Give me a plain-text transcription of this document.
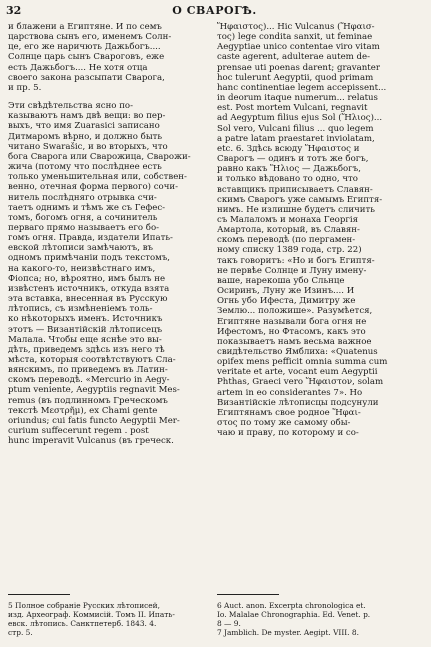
32	О СВАРОГѢ.
и блажени а Египтяне. И по семъ
царствова сынъ его, именемъ Солн-
це, его же наричють Дажьбогъ....
Солнце царь сынъ Свароговъ, еже
есть Дажьбогъ.... Не хотя отца
своего закона разсыпати Сварога,
и пр. 5.
Эти свѣдѣтельства ясно по-
казываютъ намъ двѣ вещи: во пер-
выхъ, что имя Zuarasici записано
Дитмаромъ вѣрно, и должно быть
читано Swarašic, и во вторыхъ, что
бога Сварога или Сварожица, Сварожи-
жича (потому что послѣднее есть
только уменьшительная или, собствен-
венно, отечная форма первого) сочи-
нитель послѣдняго отрывка счи-
таетъ однимъ и тѣмъ же съ Гефес-
томъ, богомъ огня, а сочинитель
перваго прямо называетъ его бо-
гомъ огня. Правда, издатели Ипать-
евской лѣтописи замѣчаютъ, въ
одномъ примѣчаніи подъ текстомъ,
на какого-то, неизвѣстнаго имъ,
Фіопса; но, вѣроятно, имъ былъ не
извѣстенъ источникъ, откуда взята
эта вставка, внесенная въ Русскую
лѣтопись, съ измѣненіемъ толь-
ко нѣкоторыхъ именъ. Источникъ
этотъ — Византійскій лѣтописецъ
Малала. Чтобы еще яснѣе это вы-
дѣть, приведемъ здѣсь изъ него тѣ
мѣста, которыя соотвѣтствуютъ Сла-
вянскимъ, по приведемъ въ Латин-
скомъ переводѣ. «Mercurio in Aegy-
ptum veniente, Aegyptiis regnavit Mes-
remus (въ подлинномъ Греческомъ
текстѣ Μεστρῆμ), ex Chami gente
oriundus; cui fatis functo Aegyptii Mer-
curium suffecerunt regem . post
hunc imperavit Vulcanus (въ греческ.
Ἥφαιστος)... Hic Vulcanus (Ἥφαισ-
τος) lege condita sanxit, ut feminae
Aegyptiae unico contentae viro vitam
caste agerent, adulterae autem de-
prensae uti poenas darent; gravanter
hoc tulerunt Aegyptii, quod primam
hanc continentiae legem accepissent...
in deorum itaque numerum... relatus
est. Post mortem Vulcani, regnavit
ad Aegyptum filius ejus Sol (Ἥλιος)...
Sol vero, Vulcani filius ... quo legem
a patre latam praestaret inviolatam,
etc. 6. Здѣсь всюду Ἥφαιστος и
Сварогъ — одинъ и тотъ же богъ,
равно какъ Ἥλιος — Дажьбогъ,
и только вѣдовано то одно, что
вставщикъ приписываетъ Славян-
скимъ Сварогъ уже самымъ Египтя-
нимъ. Не излишне будетъ сличить
съ Малаломъ и монаха Георгія
Амартола, который, въ Славян-
скомъ переводѣ (по пергамен-
ному списку 1389 года, стр. 22)
такъ говоритъ: «Но и богъ Египтя-
не первѣе Солнце и Луну имену-
ваше, нарекоша убо Сльнце
Осиринъ, Луну же Изинъ.... И
Огнь убо Ифеста, Димитру же
Землю... положише». Разумѣется,
Египтяне называли бога огня не
Ифестомъ, но Фтасомъ, какъ это
показываетъ намъ весьма важное
свидѣтельство Ямблиха: «Quatenus
opifex mens pefficit omnia summa cum
veritate et arte, vocant eum Aegyptii
Phthas, Graeci vero Ἥφαιστον, solam
artem in eo considerantes 7». Но
Византійскіе лѣтописцы подсунули
Египтянамъ свое родное Ἥφαι-
στος по тому же самому обы-
чаю и праву, по которому и со-
5 Полное собраніе Русских лѣтописей,
изд. Археограф. Коммисій. Томъ II. Ипать-
евск. лѣтопись. Санктпетерб. 1843. 4.
стр. 5.
6 Auct. anon. Excerpta chronologica et.
Io. Malalae Chronographia. Ed. Venet. p.
8 — 9.
7 Jamblich. De myster. Aegipt. VIII. 8.
